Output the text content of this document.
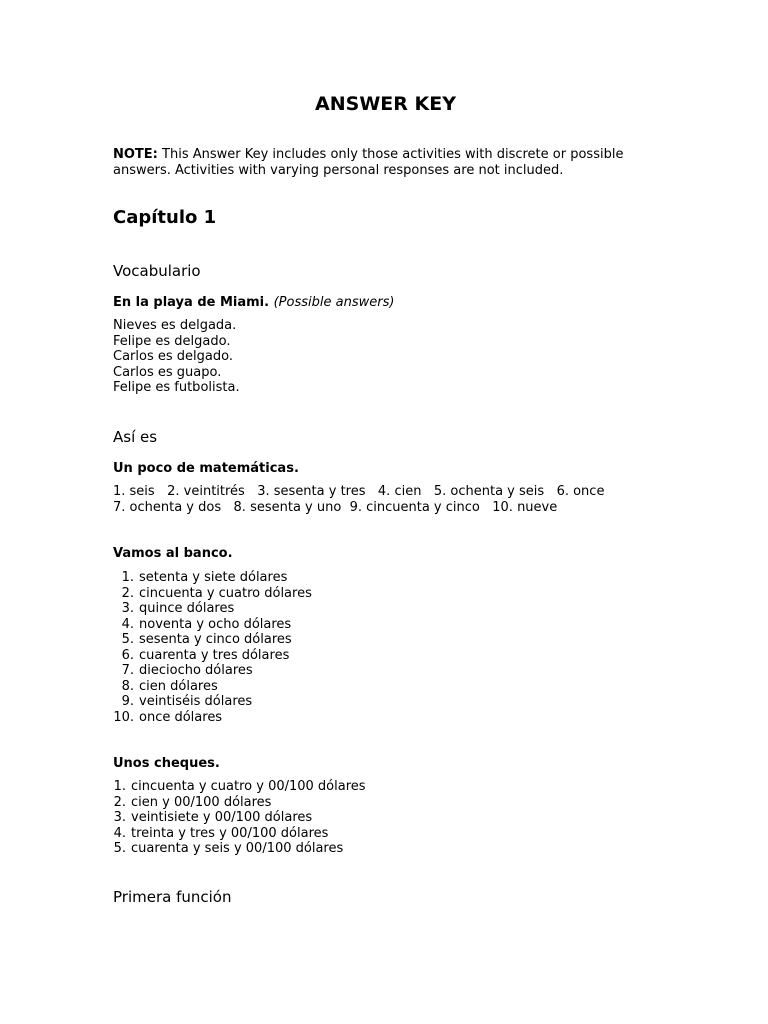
ANSWER KEY

NOTE: This Answer Key includes only those activities with discrete or possible answers. Activities with varying personal responses are not included.

Capítulo 1
Vocabulario

En la playa de Miami. (Possible answers)

Nieves es delgada.
Felipe es delgado.
Carlos es delgado.
Carlos es guapo.
Felipe es futbolista.
Así es

Un poco de matemáticas.

1. seis 2. veintitrés 3. sesenta y tres 4. cien 5. ochenta y seis 6. once   7. ochenta y dos 8. sesenta y uno 9. cincuenta y cinco 10. nueve

Vamos al banco.

1. setenta y siete dólares
2. cincuenta y cuatro dólares
3. quince dólares
4. noventa y ocho dólares
5. sesenta y cinco dólares
6. cuarenta y tres dólares
7. dieciocho dólares
8. cien dólares
9. veintiséis dólares
10. once dólares

Unos cheques.

1. cincuenta y cuatro y 00/100 dólares
2. cien y 00/100 dólares
3. veintisiete y 00/100 dólares
4. treinta y tres y 00/100 dólares
5. cuarenta y seis y 00/100 dólares
Primera función
